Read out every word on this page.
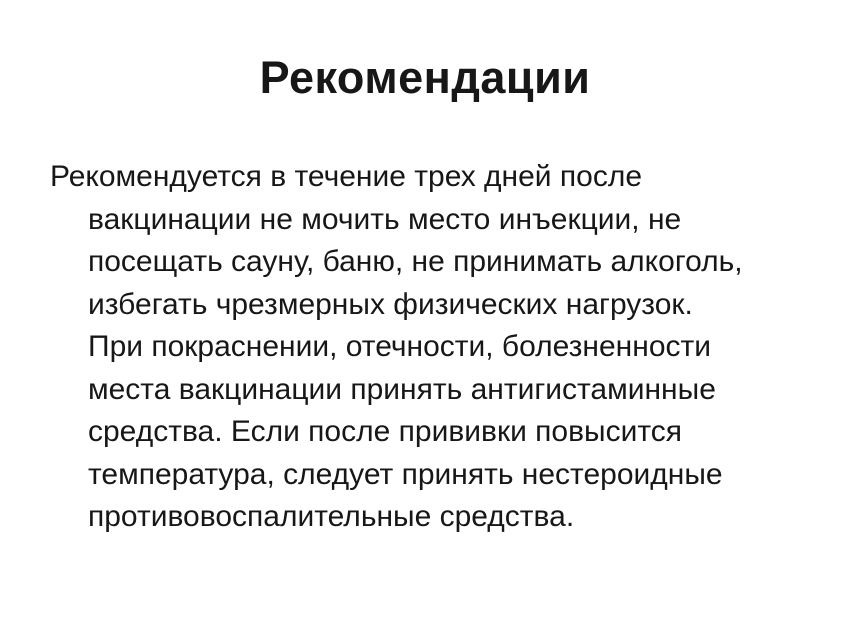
Рекомендации
Рекомендуется в течение трех дней после
вакцинации не мочить место инъекции, не
посещать сауну, баню, не принимать алкоголь,
избегать чрезмерных физических нагрузок.
При покраснении, отечности, болезненности
места вакцинации принять антигистаминные
средства. Если после прививки повысится
температура, следует принять нестероидные
противовоспалительные средства.
